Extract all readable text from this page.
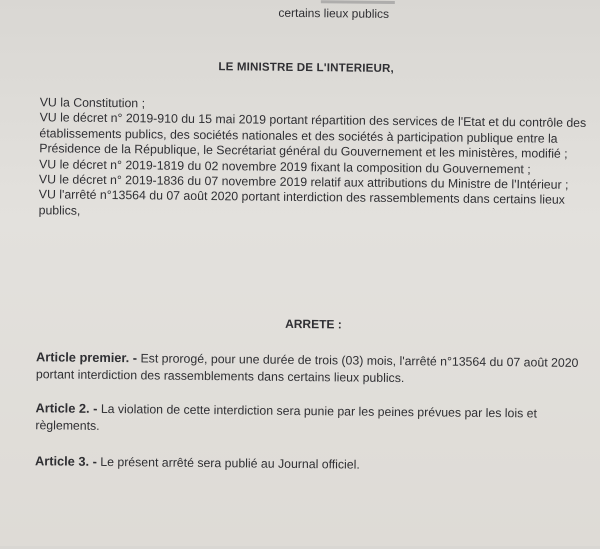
certains lieux publics
LE MINISTRE DE L'INTERIEUR,

VU la Constitution ;

VU le décret n° 2019-910 du 15 mai 2019 portant répartition des services de l'Etat et du contrôle des établissements publics, des sociétés nationales et des sociétés à participation publique entre la Présidence de la République, le Secrétariat général du Gouvernement et les ministères, modifié ;

VU le décret n° 2019-1819 du 02 novembre 2019 fixant la composition du Gouvernement ;

VU le décret n° 2019-1836 du 07 novembre 2019 relatif aux attributions du Ministre de l'Intérieur ;

VU l'arrêté n°13564 du 07 août 2020 portant interdiction des rassemblements dans certains lieux publics,

ARRETE :
Article premier. - Est prorogé, pour une durée de trois (03) mois, l'arrêté n°13564 du 07 août 2020 portant interdiction des rassemblements dans certains lieux publics.
Article 2. - La violation de cette interdiction sera punie par les peines prévues par les lois et règlements.
Article 3. - Le présent arrêté sera publié au Journal officiel.
